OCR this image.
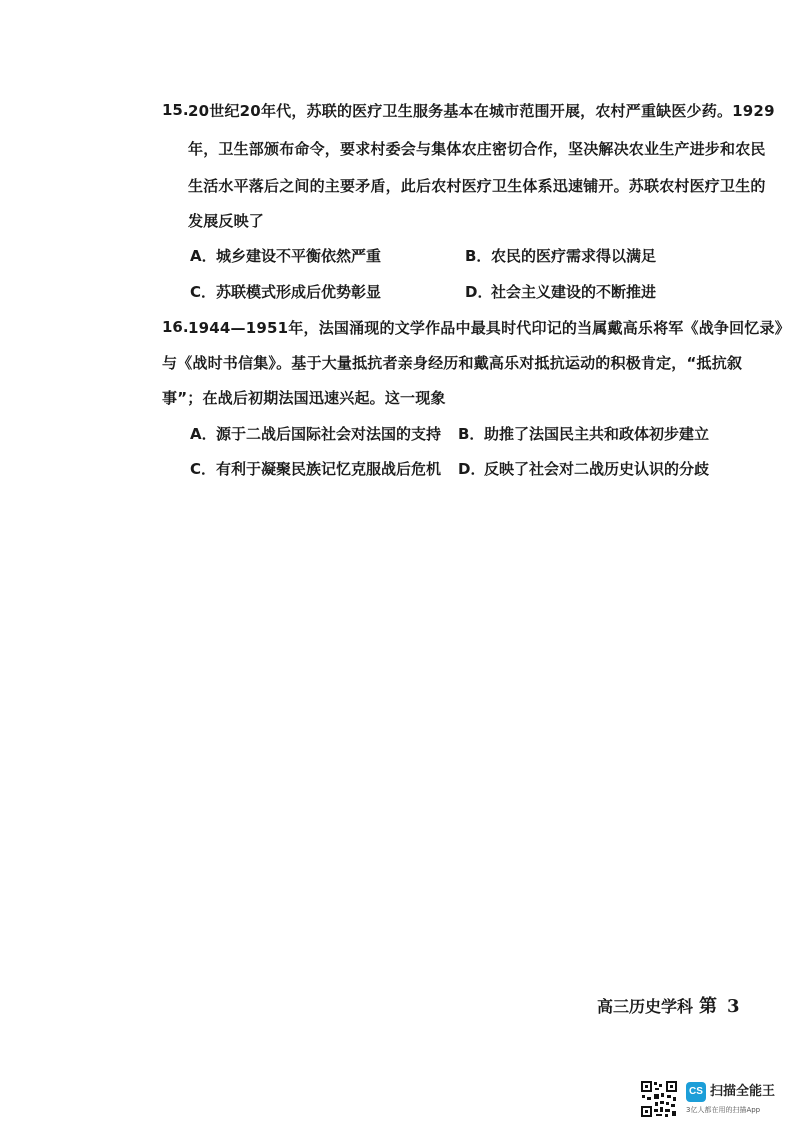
15. 20世纪20年代，苏联的医疗卫生服务基本在城市范围开展，农村严重缺医少药。1929
年，卫生部颁布命令，要求村委会与集体农庄密切合作，坚决解决农业生产进步和农民
生活水平落后之间的主要矛盾，此后农村医疗卫生体系迅速铺开。苏联农村医疗卫生的
发展反映了
A．城乡建设不平衡依然严重	B．农民的医疗需求得以满足
C．苏联模式形成后优势彰显	D．社会主义建设的不断推进
16. 1944—1951年，法国涌现的文学作品中最具时代印记的当属戴高乐将军《战争回忆录》
与《战时书信集》。基于大量抵抗者亲身经历和戴高乐对抵抗运动的积极肯定，“抵抗叙
事”；在战后初期法国迅速兴起。这一现象
A．源于二战后国际社会对法国的支持 B．助推了法国民主共和政体初步建立
C．有利于凝聚民族记忆克服战后危机 D．反映了社会对二战历史认识的分歧
高三历史学科 第 3
CS 扫描全能王
3亿人都在用的扫描App
